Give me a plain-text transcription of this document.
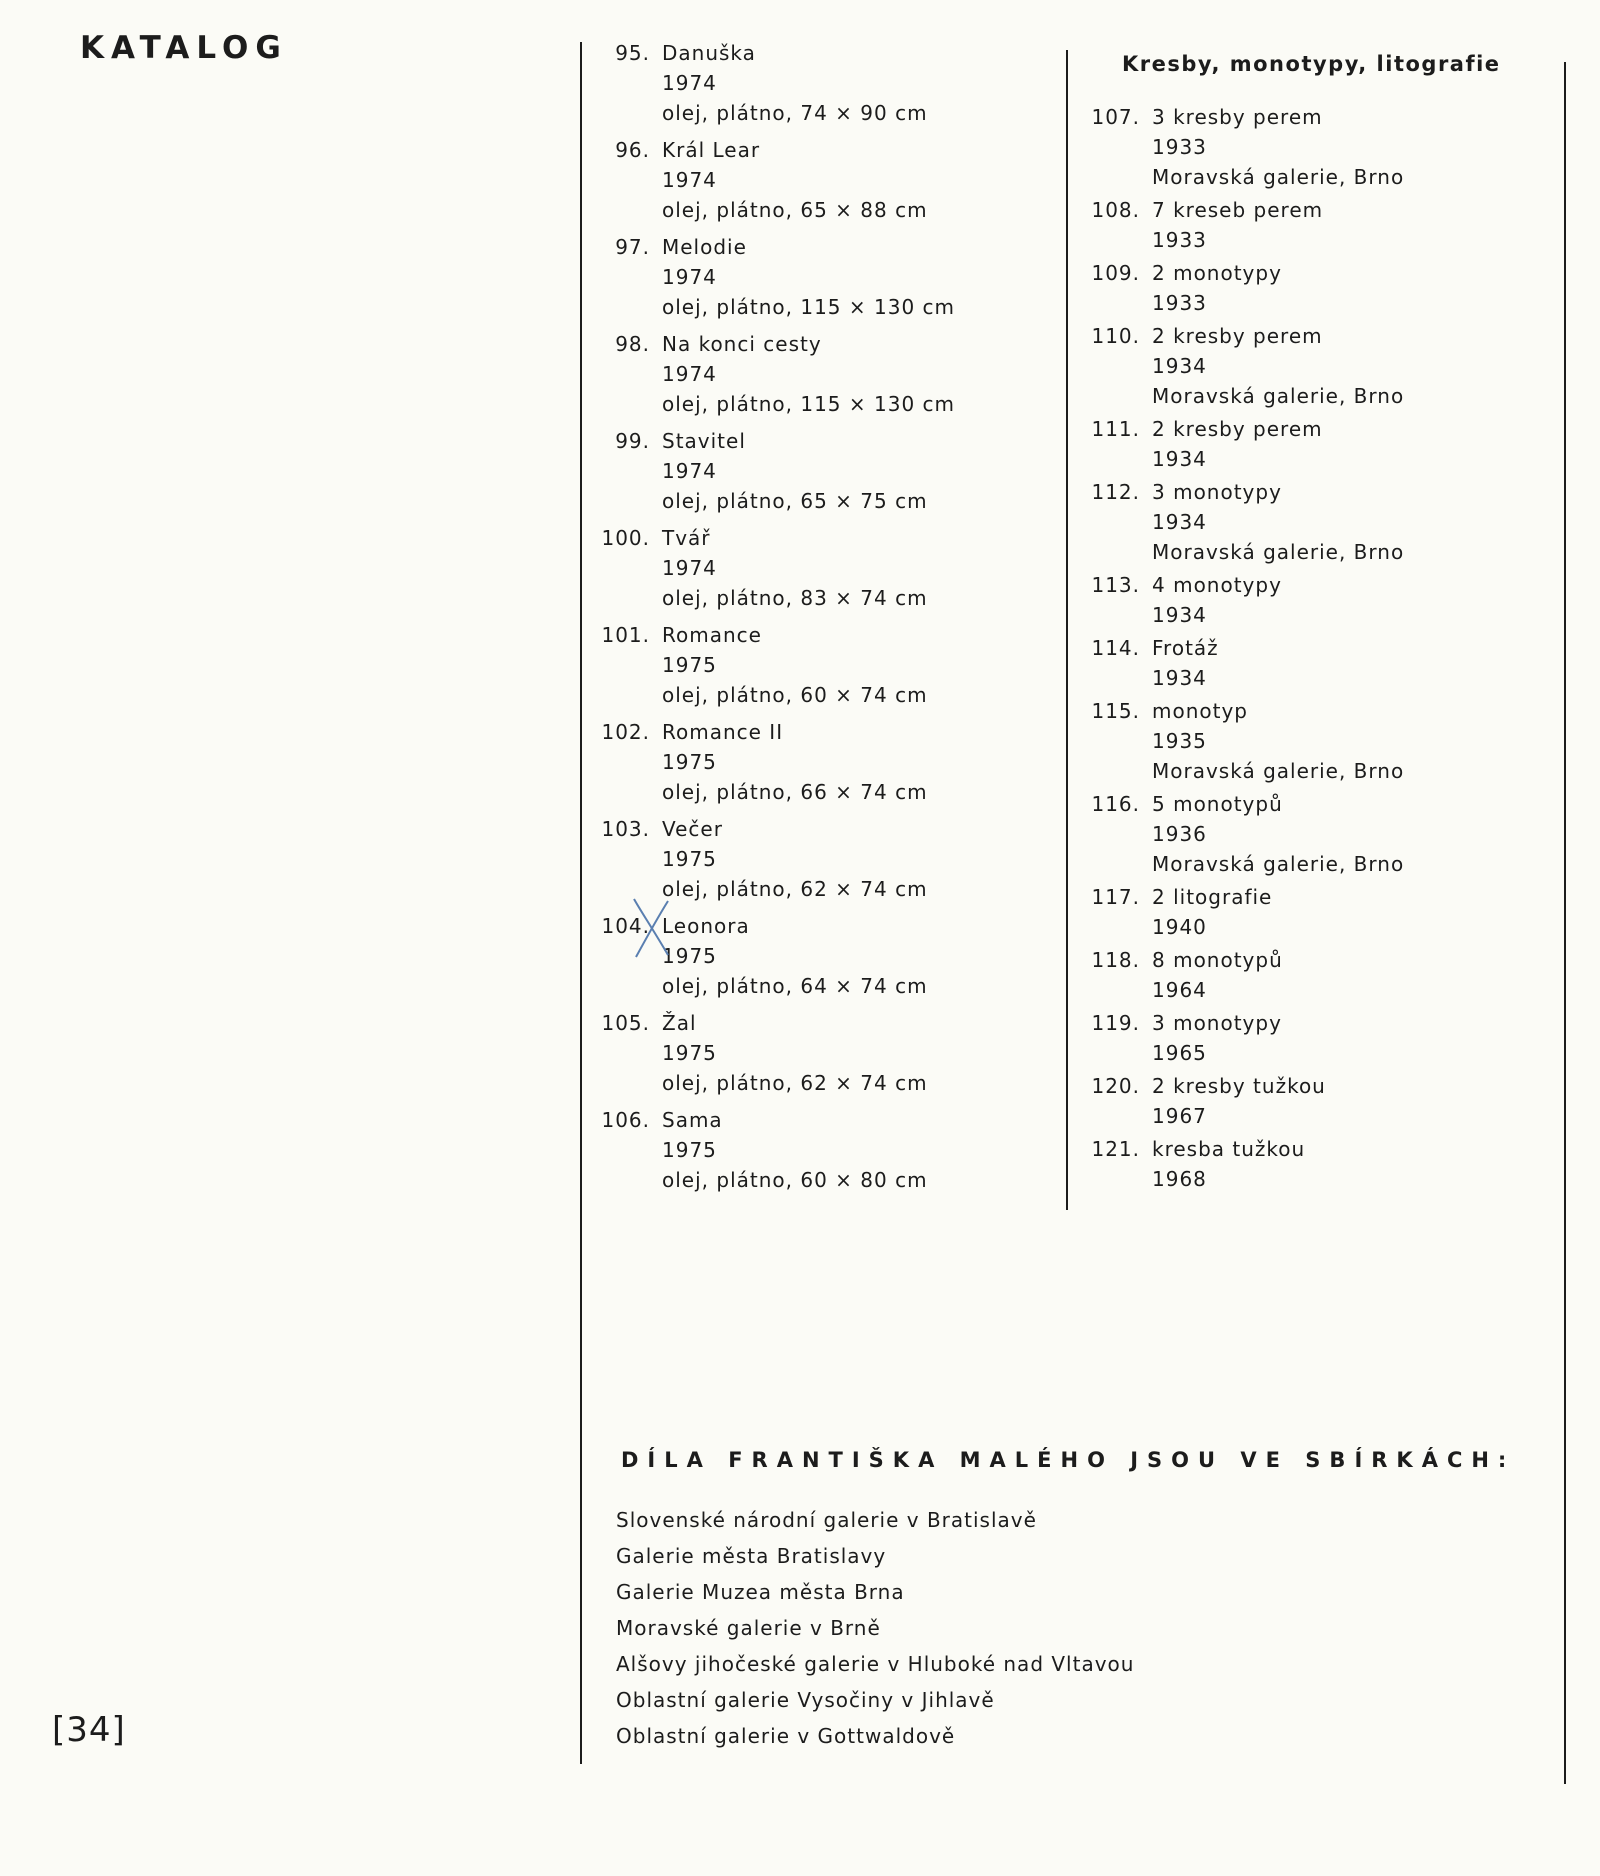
KATALOG	95. Danuška
1974
olej, plátno, 74 × 90 cm
96. Král Lear
1974
olej, plátno, 65 × 88 cm
97. Melodie
1974
olej, plátno, 115 × 130 cm
98. Na konci cesty
1974
olej, plátno, 115 × 130 cm
99. Stavitel
1974
olej, plátno, 65 × 75 cm
100. Tvář
1974
olej, plátno, 83 × 74 cm
101. Romance
1975
olej, plátno, 60 × 74 cm
102. Romance II
1975
olej, plátno, 66 × 74 cm
103. Večer
1975
olej, plátno, 62 × 74 cm
104. Leonora
1975
olej, plátno, 64 × 74 cm
105. Žal
1975
olej, plátno, 62 × 74 cm
106. Sama
1975
olej, plátno, 60 × 80 cm
Kresby, monotypy, litografie
107. 3 kresby perem
1933
Moravská galerie, Brno
108. 7 kreseb perem
1933
109. 2 monotypy
1933
110. 2 kresby perem
1934
Moravská galerie, Brno
111. 2 kresby perem
1934
112. 3 monotypy
1934
Moravská galerie, Brno
113. 4 monotypy
1934
114. Frotáž
1934
115. monotyp
1935
Moravská galerie, Brno
116. 5 monotypů
1936
Moravská galerie, Brno
117. 2 litografie
1940
118. 8 monotypů
1964
119. 3 monotypy
1965
120. 2 kresby tužkou
1967
121. kresba tužkou
1968
DÍLA FRANTIŠKA MALÉHO JSOU VE SBÍRKÁCH:
Slovenské národní galerie v Bratislavě
Galerie města Bratislavy
Galerie Muzea města Brna
Moravské galerie v Brně
Alšovy jihočeské galerie v Hluboké nad Vltavou
Oblastní galerie Vysočiny v Jihlavě
Oblastní galerie v Gottwaldově
[34]
